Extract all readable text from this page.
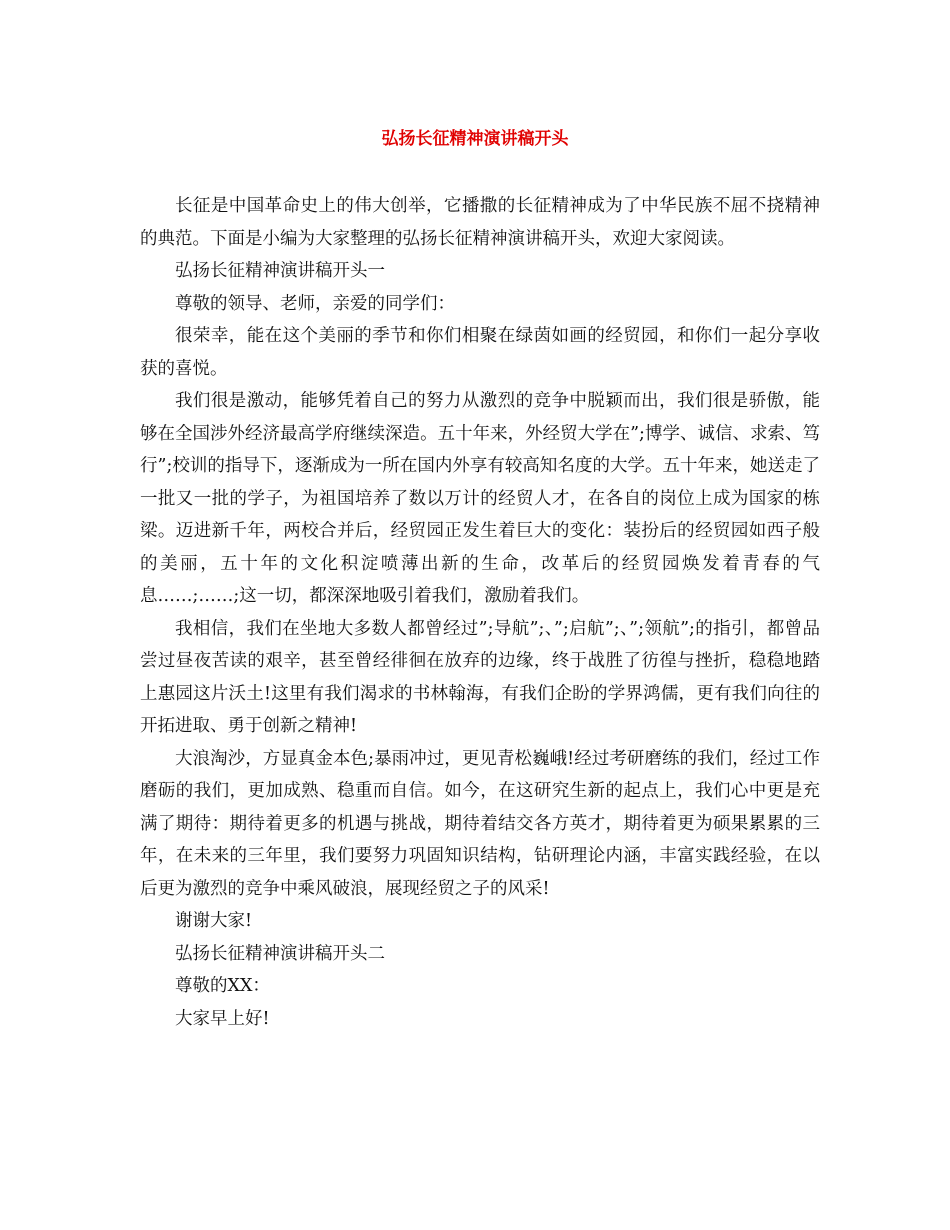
弘扬长征精神演讲稿开头

长征是中国革命史上的伟大创举，它播撒的长征精神成为了中华民族不屈不挠精神的典范。下面是小编为大家整理的弘扬长征精神演讲稿开头，欢迎大家阅读。

弘扬长征精神演讲稿开头一

尊敬的领导、老师，亲爱的同学们：

很荣幸，能在这个美丽的季节和你们相聚在绿茵如画的经贸园，和你们一起分享收获的喜悦。

我们很是激动，能够凭着自己的努力从激烈的竞争中脱颖而出，我们很是骄傲，能够在全国涉外经济最高学府继续深造。五十年来，外经贸大学在”;博学、诚信、求索、笃行”;校训的指导下，逐渐成为一所在国内外享有较高知名度的大学。五十年来，她送走了一批又一批的学子，为祖国培养了数以万计的经贸人才，在各自的岗位上成为国家的栋梁。迈进新千年，两校合并后，经贸园正发生着巨大的变化：装扮后的经贸园如西子般的美丽，五十年的文化积淀喷薄出新的生命，改革后的经贸园焕发着青春的气息……;……;这一切，都深深地吸引着我们，激励着我们。

我相信，我们在坐地大多数人都曾经过”;导航”;、”;启航”;、”;领航”;的指引，都曾品尝过昼夜苦读的艰辛，甚至曾经徘徊在放弃的边缘，终于战胜了彷徨与挫折，稳稳地踏上惠园这片沃土!这里有我们渴求的书林翰海，有我们企盼的学界鸿儒，更有我们向往的开拓进取、勇于创新之精神!

大浪淘沙，方显真金本色;暴雨冲过，更见青松巍峨!经过考研磨练的我们，经过工作磨砺的我们，更加成熟、稳重而自信。如今，在这研究生新的起点上，我们心中更是充满了期待：期待着更多的机遇与挑战，期待着结交各方英才，期待着更为硕果累累的三年，在未来的三年里，我们要努力巩固知识结构，钻研理论内涵，丰富实践经验，在以后更为激烈的竞争中乘风破浪，展现经贸之子的风采!

谢谢大家!

弘扬长征精神演讲稿开头二

尊敬的XX：

大家早上好!
